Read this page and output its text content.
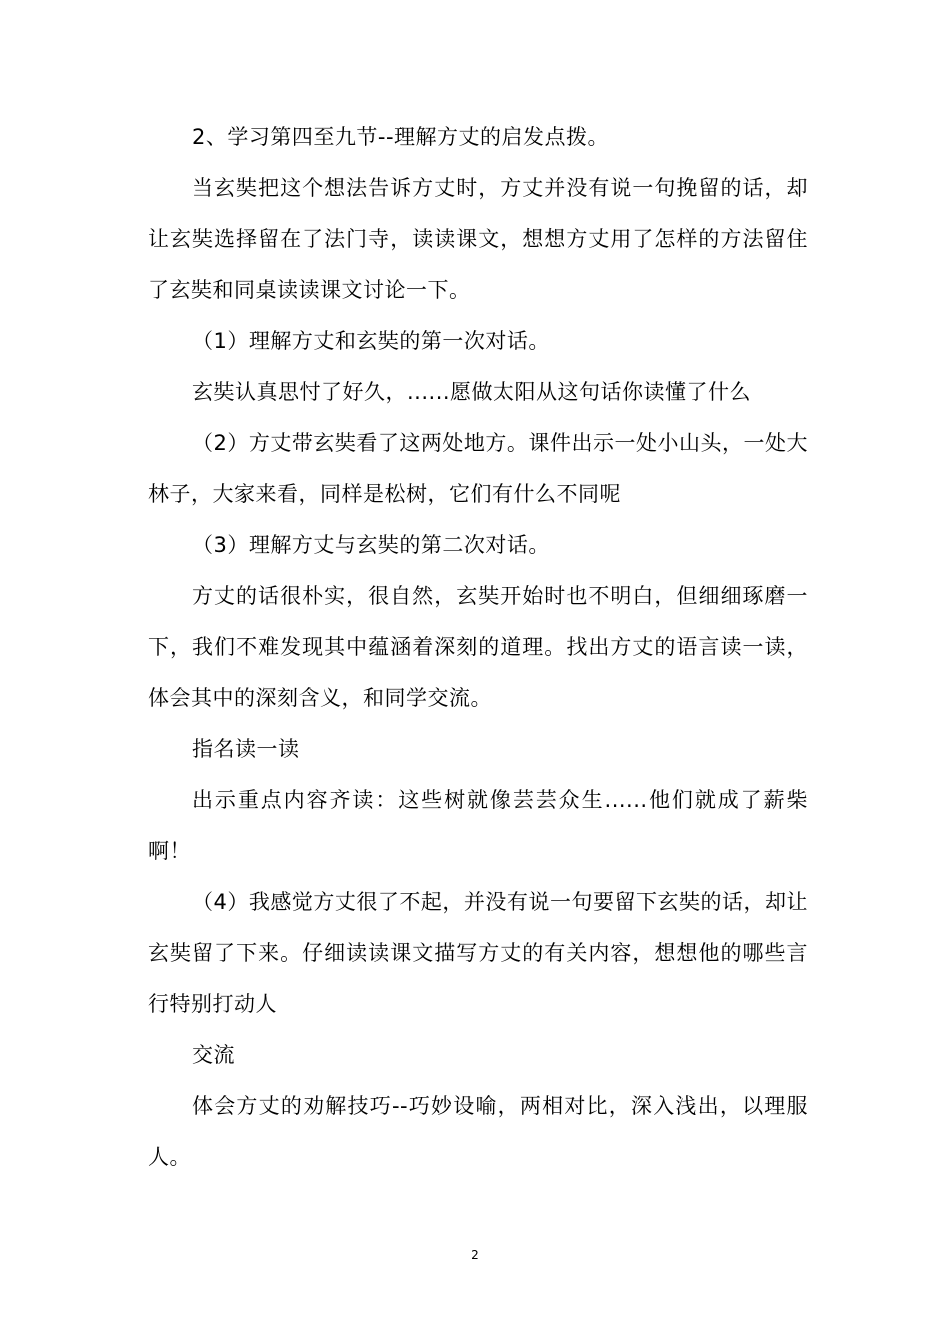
2、学习第四至九节--理解方丈的启发点拨。

当玄奘把这个想法告诉方丈时，方丈并没有说一句挽留的话，却让玄奘选择留在了法门寺，读读课文，想想方丈用了怎样的方法留住了玄奘和同桌读读课文讨论一下。

（1）理解方丈和玄奘的第一次对话。

玄奘认真思忖了好久，......愿做太阳从这句话你读懂了什么

（2）方丈带玄奘看了这两处地方。课件出示一处小山头，一处大林子，大家来看，同样是松树，它们有什么不同呢

（3）理解方丈与玄奘的第二次对话。

方丈的话很朴实，很自然，玄奘开始时也不明白，但细细琢磨一下，我们不难发现其中蕴涵着深刻的道理。找出方丈的语言读一读，体会其中的深刻含义，和同学交流。

指名读一读

出示重点内容齐读：这些树就像芸芸众生......他们就成了薪柴啊！

（4）我感觉方丈很了不起，并没有说一句要留下玄奘的话，却让玄奘留了下来。仔细读读课文描写方丈的有关内容，想想他的哪些言行特别打动人

交流

体会方丈的劝解技巧--巧妙设喻，两相对比，深入浅出，以理服人。

2
